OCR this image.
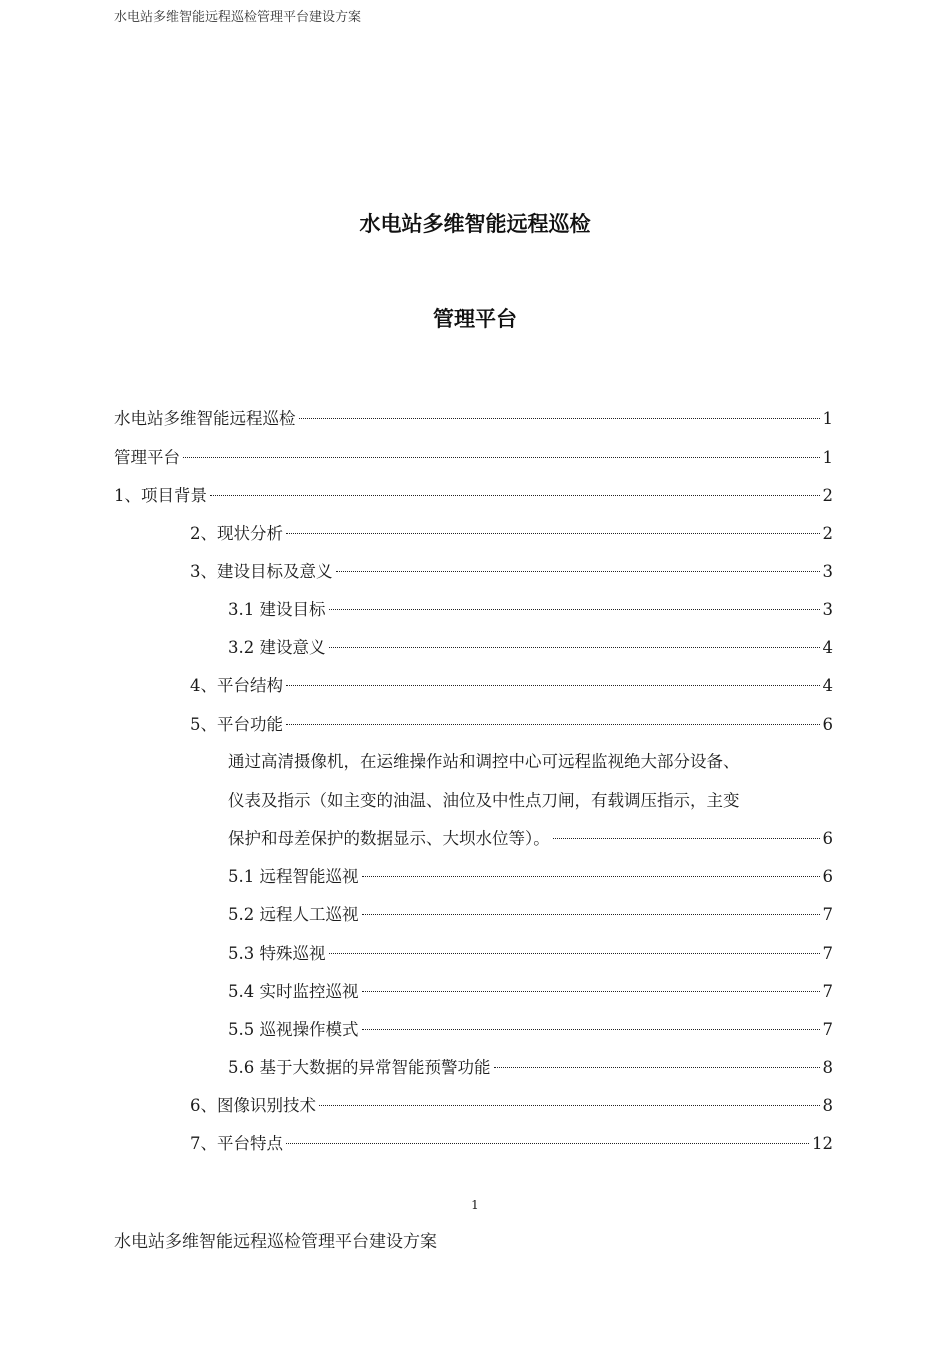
水电站多维智能远程巡检管理平台建设方案
水电站多维智能远程巡检
管理平台
水电站多维智能远程巡检	1
管理平台	1
1、项目背景	2
2、现状分析	2
3、建设目标及意义	3
3.1 建设目标	3
3.2 建设意义	4
4、平台结构	4
5、平台功能	6
通过高清摄像机，在运维操作站和调控中心可远程监视绝大部分设备、
仪表及指示（如主变的油温、油位及中性点刀闸，有载调压指示，主变
保护和母差保护的数据显示、大坝水位等）。	6
5.1 远程智能巡视	6
5.2 远程人工巡视	7
5.3 特殊巡视	7
5.4 实时监控巡视	7
5.5 巡视操作模式	7
5.6 基于大数据的异常智能预警功能	8
6、图像识别技术	8
7、平台特点	12
1
水电站多维智能远程巡检管理平台建设方案
